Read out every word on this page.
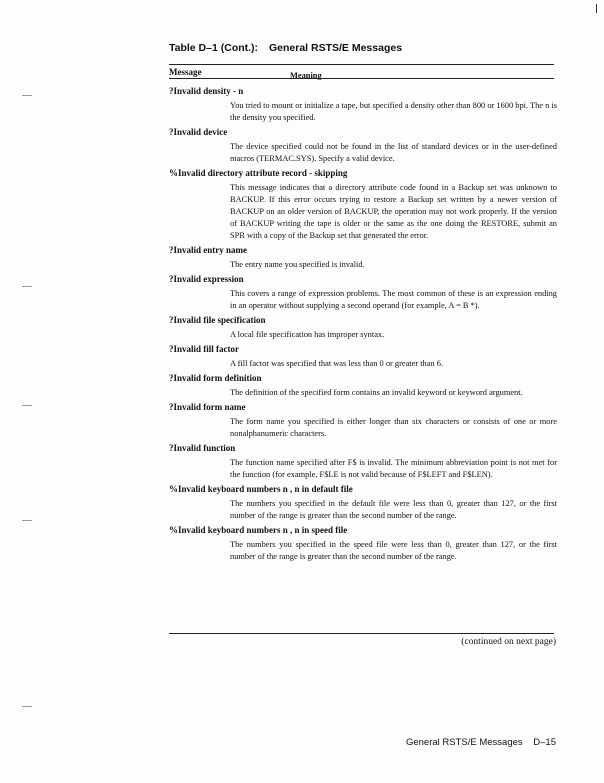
Table D–1 (Cont.): General RSTS/E Messages
Message	Meaning
?Invalid density - n
You tried to mount or initialize a tape, but specified a density other than 800 or 1600 bpi. The n is the density you specified.
?Invalid device
The device specified could not be found in the list of standard devices or in the user-defined macros (TERMAC.SYS). Specify a valid device.
%Invalid directory attribute record - skipping
This message indicates that a directory attribute code found in a Backup set was unknown to BACKUP. If this error occurs trying to restore a Backup set written by a newer version of BACKUP on an older version of BACKUP, the operation may not work properly. If the version of BACKUP writing the tape is older or the same as the one doing the RESTORE, submit an SPR with a copy of the Backup set that generated the error.
?Invalid entry name
The entry name you specified is invalid.
?Invalid expression
This covers a range of expression problems. The most common of these is an expression ending in an operator without supplying a second operand (for example, A = B *).
?Invalid file specification
A local file specification has improper syntax.
?Invalid fill factor
A fill factor was specified that was less than 0 or greater than 6.
?Invalid form definition
The definition of the specified form contains an invalid keyword or keyword argument.
?Invalid form name
The form name you specified is either longer than six characters or consists of one or more nonalphanumeric characters.
?Invalid function
The function name specified after F$ is invalid. The minimum abbreviation point is not met for the function (for example, F$LE is not valid because of F$LEFT and F$LEN).
%Invalid keyboard numbers n , n in default file
The numbers you specified in the default file were less than 0, greater than 127, or the first number of the range is greater than the second number of the range.
%Invalid keyboard numbers n , n in speed file
The numbers you specified in the speed file were less than 0, greater than 127, or the first number of the range is greater than the second number of the range.
(continued on next page)
General RSTS/E Messages D–15
